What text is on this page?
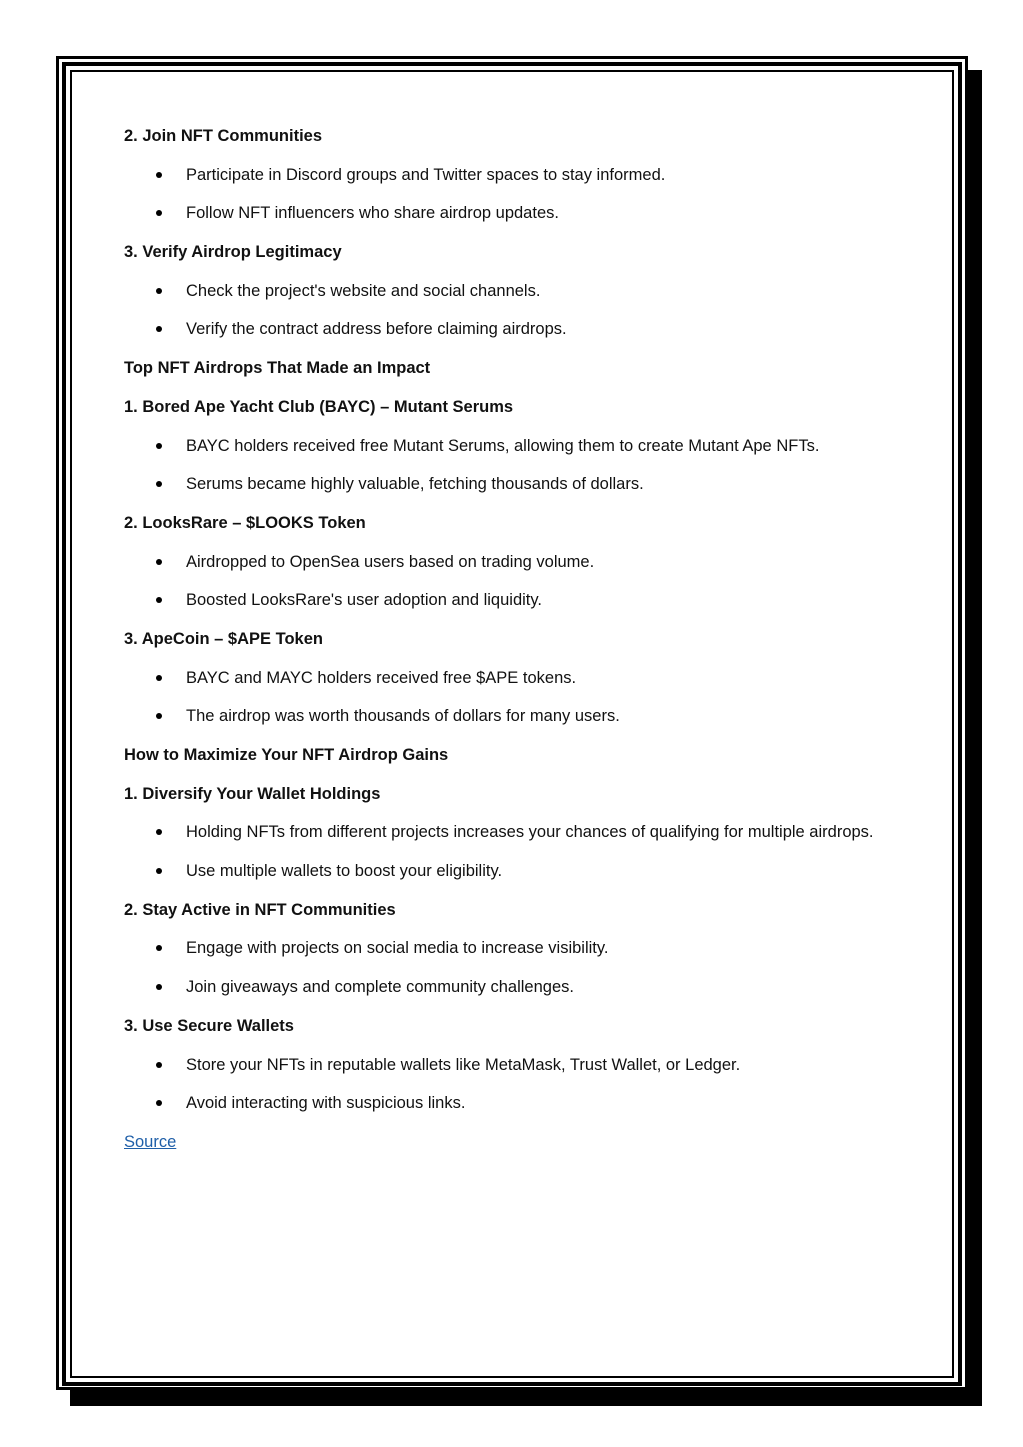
2. Join NFT Communities
Participate in Discord groups and Twitter spaces to stay informed.
Follow NFT influencers who share airdrop updates.
3. Verify Airdrop Legitimacy
Check the project's website and social channels.
Verify the contract address before claiming airdrops.
Top NFT Airdrops That Made an Impact
1. Bored Ape Yacht Club (BAYC) – Mutant Serums
BAYC holders received free Mutant Serums, allowing them to create Mutant Ape NFTs.
Serums became highly valuable, fetching thousands of dollars.
2. LooksRare – $LOOKS Token
Airdropped to OpenSea users based on trading volume.
Boosted LooksRare's user adoption and liquidity.
3. ApeCoin – $APE Token
BAYC and MAYC holders received free $APE tokens.
The airdrop was worth thousands of dollars for many users.
How to Maximize Your NFT Airdrop Gains
1. Diversify Your Wallet Holdings
Holding NFTs from different projects increases your chances of qualifying for multiple airdrops.
Use multiple wallets to boost your eligibility.
2. Stay Active in NFT Communities
Engage with projects on social media to increase visibility.
Join giveaways and complete community challenges.
3. Use Secure Wallets
Store your NFTs in reputable wallets like MetaMask, Trust Wallet, or Ledger.
Avoid interacting with suspicious links.
Source
